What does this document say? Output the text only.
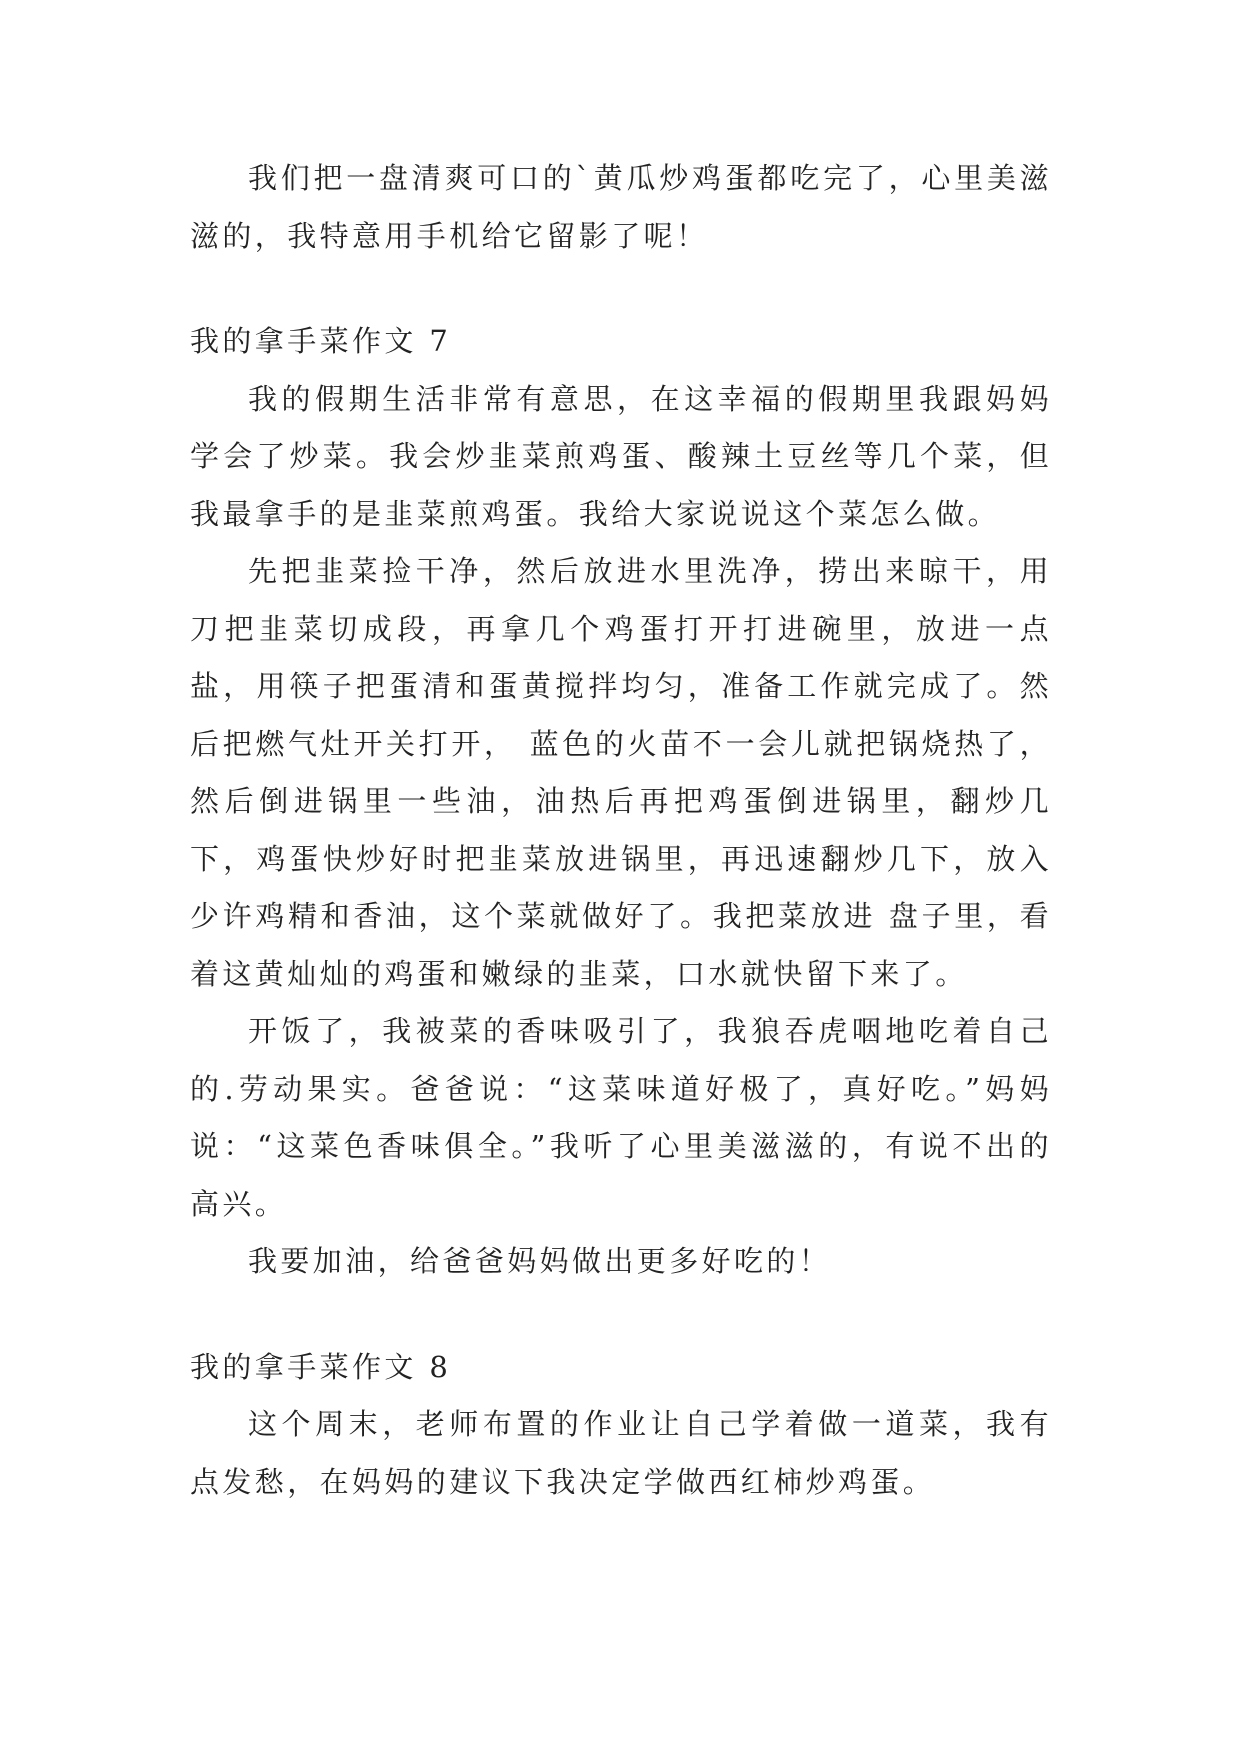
我们把一盘清爽可口的`黄瓜炒鸡蛋都吃完了，心里美滋滋的，我特意用手机给它留影了呢！

我的拿手菜作文 7

我的假期生活非常有意思，在这幸福的假期里我跟妈妈学会了炒菜。我会炒韭菜煎鸡蛋、酸辣土豆丝等几个菜，但我最拿手的是韭菜煎鸡蛋。我给大家说说这个菜怎么做。

先把韭菜捡干净，然后放进水里洗净，捞出来晾干，用刀把韭菜切成段，再拿几个鸡蛋打开打进碗里，放进一点盐，用筷子把蛋清和蛋黄搅拌均匀，准备工作就完成了。然后把燃气灶开关打开， 蓝色的火苗不一会儿就把锅烧热了，然后倒进锅里一些油，油热后再把鸡蛋倒进锅里，翻炒几下，鸡蛋快炒好时把韭菜放进锅里，再迅速翻炒几下，放入少许鸡精和香油，这个菜就做好了。我把菜放进 盘子里，看着这黄灿灿的鸡蛋和嫩绿的韭菜，口水就快留下来了。

开饭了，我被菜的香味吸引了，我狼吞虎咽地吃着自己的.劳动果实。爸爸说：“这菜味道好极了，真好吃。”妈妈说：“这菜色香味俱全。”我听了心里美滋滋的，有说不出的高兴。

我要加油，给爸爸妈妈做出更多好吃的！

我的拿手菜作文 8

这个周末，老师布置的作业让自己学着做一道菜，我有点发愁，在妈妈的建议下我决定学做西红柿炒鸡蛋。
